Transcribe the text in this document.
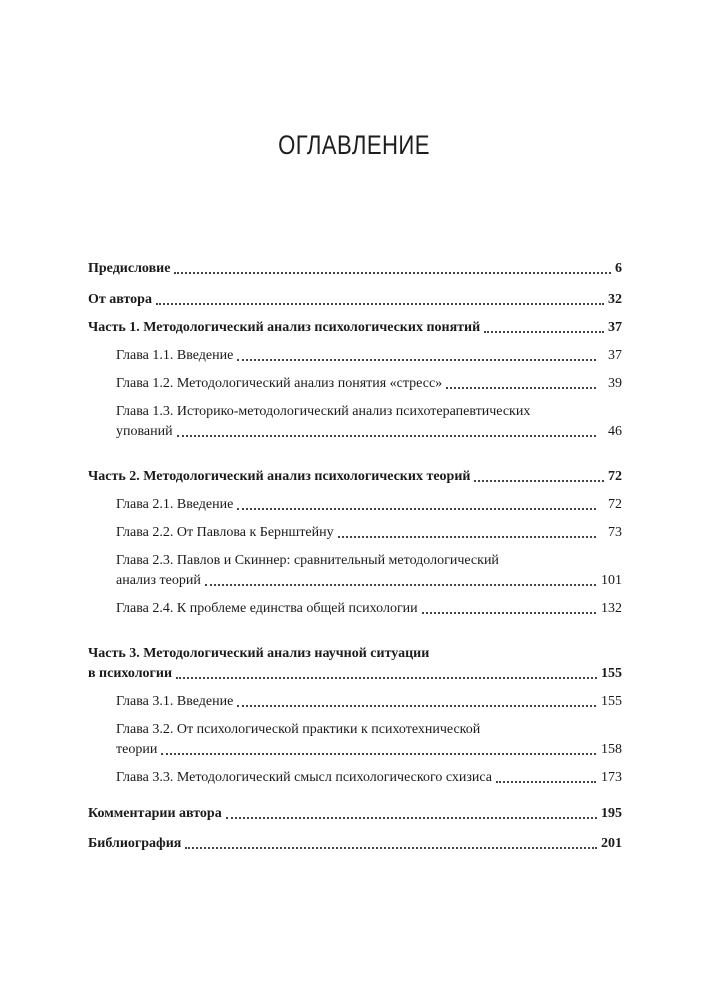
ОГЛАВЛЕНИЕ
Предисловие	6
От автора	32
Часть 1. Методологический анализ психологических понятий	37
Глава 1.1. Введение	37
Глава 1.2. Методологический анализ понятия «стресс»	39
Глава 1.3. Историко-методологический анализ психотерапевтических
упований	46
Часть 2. Методологический анализ психологических теорий	72
Глава 2.1. Введение	72
Глава 2.2. От Павлова к Бернштейну	73
Глава 2.3. Павлов и Скиннер: сравнительный методологический
анализ теорий	101
Глава 2.4. К проблеме единства общей психологии	132
Часть 3. Методологический анализ научной ситуации
в психологии	155
Глава 3.1. Введение	155
Глава 3.2. От психологической практики к психотехнической
теории	158
Глава 3.3. Методологический смысл психологического схизиса	173
Комментарии автора	195
Библиография	201
